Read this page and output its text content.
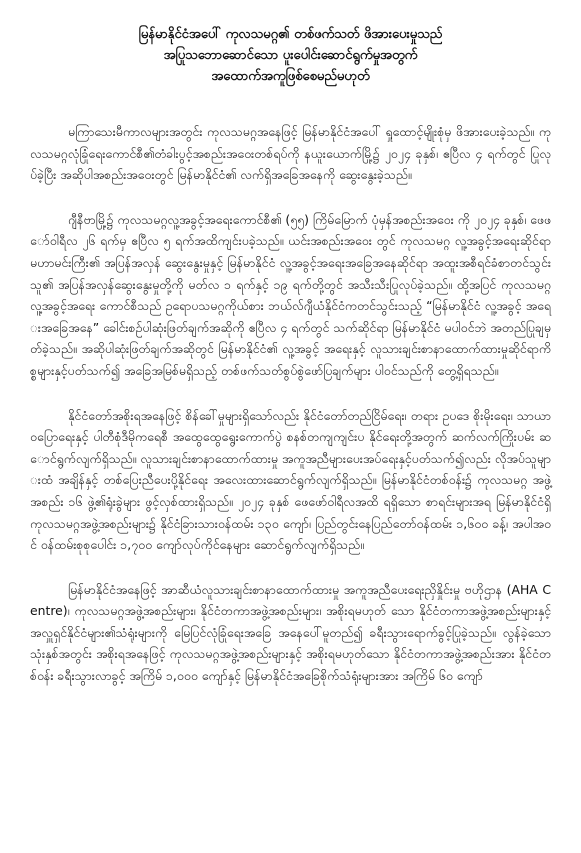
မြန်မာနိုင်ငံအပေါ် ကုလသမဂ္ဂ၏ တစ်ဖက်သတ် ဖိအားပေးမှုသည်
အပြုသဘောဆောင်သော ပူးပေါင်းဆောင်ရွက်မှုအတွက်
အထောက်အကူဖြစ်စေမည်မဟုတ်

မကြာသေးမီကာလများအတွင်း ကုလသမဂ္ဂအနေဖြင့် မြန်မာနိုင်ငံအပေါ် ရှုထောင့်မျိုးစုံမှ ဖိအားပေးခဲ့သည်။ ကုလသမဂ္ဂလုံခြုံရေးကောင်စီ၏တံခါးပွင့်အစည်းအဝေးတစ်ရပ်ကို နယူးယောက်မြို့၌ ၂၀၂၄ ခုနှစ်၊ ဧပြီလ ၄ ရက်တွင် ပြုလုပ်ခဲ့ပြီး အဆိုပါအစည်းအဝေးတွင် မြန်မာနိုင်ငံ၏ လက်ရှိအခြေအနေကို ဆွေးနွေးခဲ့သည်။

ဂျီနီဗာမြို့၌ ကုလသမဂ္ဂလူ့အခွင့်အရေးကောင်စီ၏ (၅၅) ကြိမ်မြောက် ပုံမှန်အစည်းအဝေး ကို ၂၀၂၄ ခုနှစ်၊ ဖေဖော်ဝါရီလ ၂၆ ရက်မှ ဧပြီလ ၅ ရက်အထိကျင်းပခဲ့သည်။ ယင်းအစည်းအဝေး တွင် ကုလသမဂ္ဂ လူ့အခွင့်အရေးဆိုင်ရာ မဟာမင်းကြီး၏ အပြန်အလှန် ဆွေးနွေးမှုနှင့် မြန်မာနိုင်ငံ လူ့အခွင့်အရေးအခြေအနေဆိုင်ရာ အထူးအစီရင်ခံစာတင်သွင်းသူ၏ အပြန်အလှန်ဆွေးနွေးမှုတို့ကို မတ်လ ၁ ရက်နှင့် ၁၉ ရက်တို့တွင် အသီးသီးပြုလုပ်ခဲ့သည်။ ထို့အပြင် ကုလသမဂ္ဂ လူ့အခွင့်အရေး ကောင်စီသည် ဥရောပသမဂ္ဂကိုယ်စား ဘယ်လ်ဂျီယံနိုင်ငံကတင်သွင်းသည့် “မြန်မာနိုင်ငံ လူ့အခွင့် အရေးအခြေအနေ” ခေါင်းစဉ်ပါဆုံးဖြတ်ချက်အဆိုကို ဧပြီလ ၄ ရက်တွင် သက်ဆိုင်ရာ မြန်မာနိုင်ငံ မပါဝင်ဘဲ အတည်ပြုချမှတ်ခဲ့သည်။ အဆိုပါဆုံးဖြတ်ချက်အဆိုတွင် မြန်မာနိုင်ငံ၏ လူ့အခွင့် အရေးနှင့် လူသားချင်းစာနာထောက်ထားမှုဆိုင်ရာကိစ္စများနှင့်ပတ်သက်၍ အခြေအမြစ်မရှိသည့် တစ်ဖက်သတ်စွပ်စွဲဖော်ပြချက်များ ပါဝင်သည်ကို တွေ့ရှိရသည်။

နိုင်ငံတော်အစိုးရအနေဖြင့် စိန်ခေါ်မှုများရှိသော်လည်း နိုင်ငံတော်တည်ငြိမ်ရေး၊ တရား ဥပဒေ စိုးမိုးရေး၊ သာယာဝပြောရေးနှင့် ပါတီစုံဒီမိုကရေစီ အထွေထွေရွေးကောက်ပွဲ စနစ်တကျကျင်းပ နိုင်ရေးတို့အတွက် ဆက်လက်ကြိုးပမ်း ဆောင်ရွက်လျက်ရှိသည်။ လူသားချင်းစာနာထောက်ထားမှု အကူအညီများပေးအပ်ရေးနှင့်ပတ်သက်၍လည်း လိုအပ်သူများထံ အချိန်နှင့် တစ်ပြေးညီပေးပို့နိုင်ရေး အလေးထားဆောင်ရွက်လျက်ရှိသည်။ မြန်မာနိုင်ငံတစ်ဝန်း၌ ကုလသမဂ္ဂ အဖွဲ့အစည်း ၁၆ ဖွဲ့၏ရုံးခွဲများ ဖွင့်လှစ်ထားရှိသည်။ ၂၀၂၄ ခုနှစ် ဖေဖော်ဝါရီလအထိ ရရှိသော စာရင်းများအရ မြန်မာနိုင်ငံရှိ ကုလသမဂ္ဂအဖွဲ့အစည်းများ၌ နိုင်ငံခြားသားဝန်ထမ်း ၁၃၀ ကျော်၊ ပြည်တွင်းနေပြည်တော်ဝန်ထမ်း ၁,၆၀၀ ခန့်၊ အပါအဝင် ဝန်ထမ်းစုစုပေါင်း ၁,၇၀၀ ကျော်လုပ်ကိုင်နေများ ဆောင်ရွက်လျက်ရှိသည်။

မြန်မာနိုင်ငံအနေဖြင့် အာဆီယံလူသားချင်းစာနာထောက်ထားမှု အကူအညီပေးရေးညှိနှိုင်းမှု ဗဟိုဌာန (AHA Centre)၊ ကုလသမဂ္ဂအဖွဲ့အစည်းများ၊ နိုင်ငံတကာအဖွဲ့အစည်းများ၊ အစိုးရမဟုတ် သော နိုင်ငံတကာအဖွဲ့အစည်းများနှင့် အလှူရှင်နိုင်ငံများ၏သံရုံးများကို မြေပြင်လုံခြုံရေးအခြေ အနေပေါ်မူတည်၍ ခရီးသွားရောက်ခွင့်ပြုခဲ့သည်။ လွန်ခဲ့သော သုံးနှစ်အတွင်း အစိုးရအနေဖြင့် ကုလသမဂ္ဂအဖွဲ့အစည်းများနှင့် အစိုးရမဟုတ်သော နိုင်ငံတကာအဖွဲ့အစည်းအား နိုင်ငံတစ်ဝန်း ခရီးသွားလာခွင့် အကြိမ် ၁,၀၀၀ ကျော်နှင့် မြန်မာနိုင်ငံအခြေစိုက်သံရုံးများအား အကြိမ် ၆၀ ကျော်
